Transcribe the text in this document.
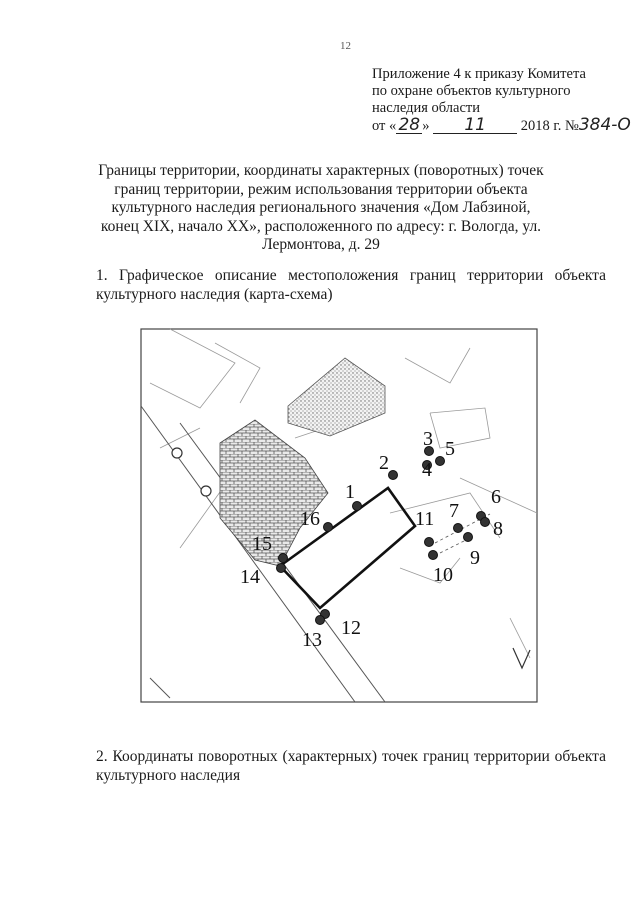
12
Приложение 4 к приказу Комитета
по охране объектов культурного
наследия области
от « 28 » 11 2018 г. №384-О
Границы территории, координаты характерных (поворотных) точек границ территории, режим использования территории объекта культурного наследия регионального значения «Дом Лабзиной, конец XIX, начало XX», расположенного по адресу: г. Вологда, ул. Лермонтова, д. 29
1. Графическое описание местоположения границ территории объекта культурного наследия (карта-схема)
1
2
3
4
5
6
7
8
9
10
11
12
13
14
15
16
2. Координаты поворотных (характерных) точек границ территории объекта культурного наследия
